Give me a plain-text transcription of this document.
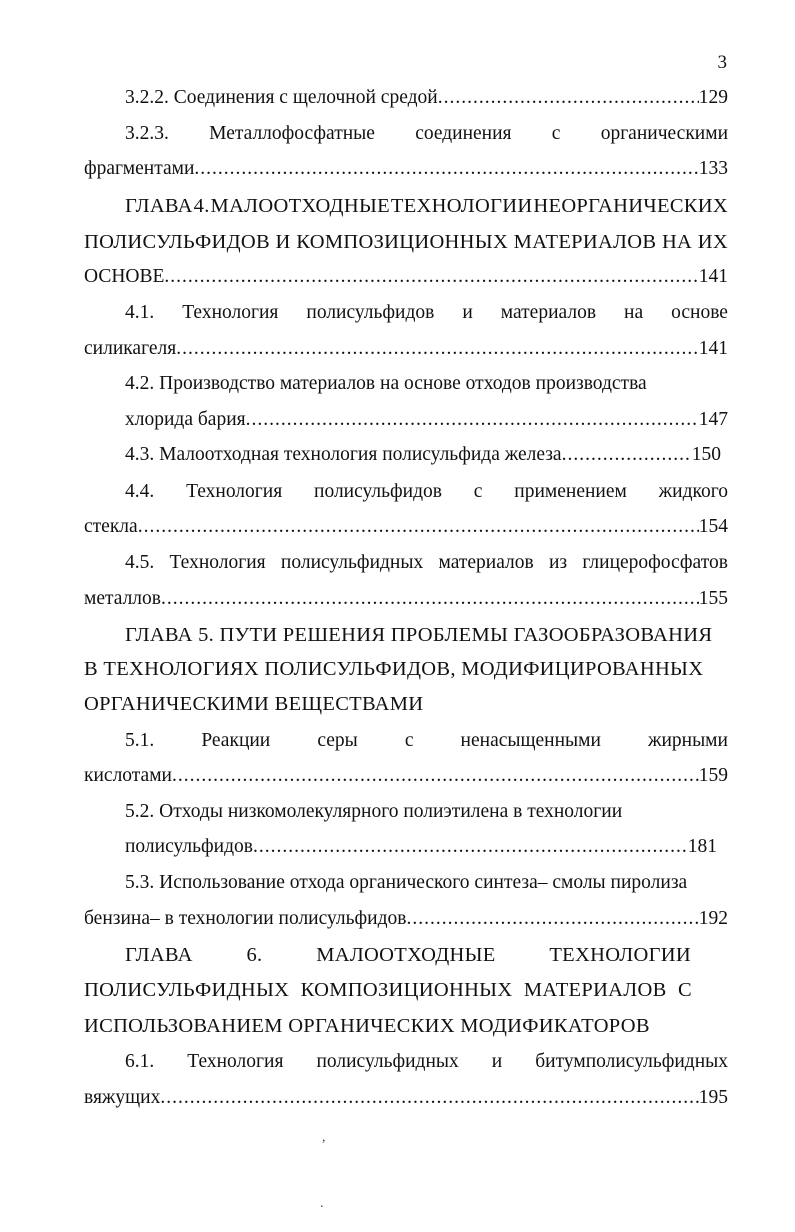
3
3.2.2. Соединения с щелочной средой .....	129
3.2.3. Металлофосфатные соединения с органическими
фрагментами .....	133
ГЛАВА 4. МАЛООТХОДНЫЕ ТЕХНОЛОГИИ НЕОРГАНИЧЕСКИХ
ПОЛИСУЛЬФИДОВ И КОМПОЗИЦИОННЫХ МАТЕРИАЛОВ НА ИХ
ОСНОВЕ .....	141
4.1. Технология полисульфидов и материалов на основе
силикагеля .....	141
4.2. Производство материалов на основе отходов производства
хлорида бария .....	147
4.3. Малоотходная технология полисульфида железа .....	150
4.4. Технология полисульфидов с применением жидкого
стекла .....	154
4.5. Технология полисульфидных материалов из глицерофосфатов
металлов .....	155
ГЛАВА 5. ПУТИ РЕШЕНИЯ ПРОБЛЕМЫ ГАЗООБРАЗОВАНИЯ
В ТЕХНОЛОГИЯХ ПОЛИСУЛЬФИДОВ, МОДИФИЦИРОВАННЫХ
ОРГАНИЧЕСКИМИ ВЕЩЕСТВАМИ
5.1. Реакции серы с ненасыщенными жирными
кислотами .....	159
5.2. Отходы низкомолекулярного полиэтилена в технологии
полисульфидов .....	181
5.3. Использование отхода органического синтеза– смолы пиролиза
бензина– в технологии полисульфидов .....	192
ГЛАВА	6.	МАЛООТХОДНЫЕ	ТЕХНОЛОГИИ
ПОЛИСУЛЬФИДНЫХ КОМПОЗИЦИОННЫХ МАТЕРИАЛОВ С
ИСПОЛЬЗОВАНИЕМ ОРГАНИЧЕСКИХ МОДИФИКАТОРОВ
6.1. Технология полисульфидных и битумполисульфидных
вяжущих .....	195
,
.
